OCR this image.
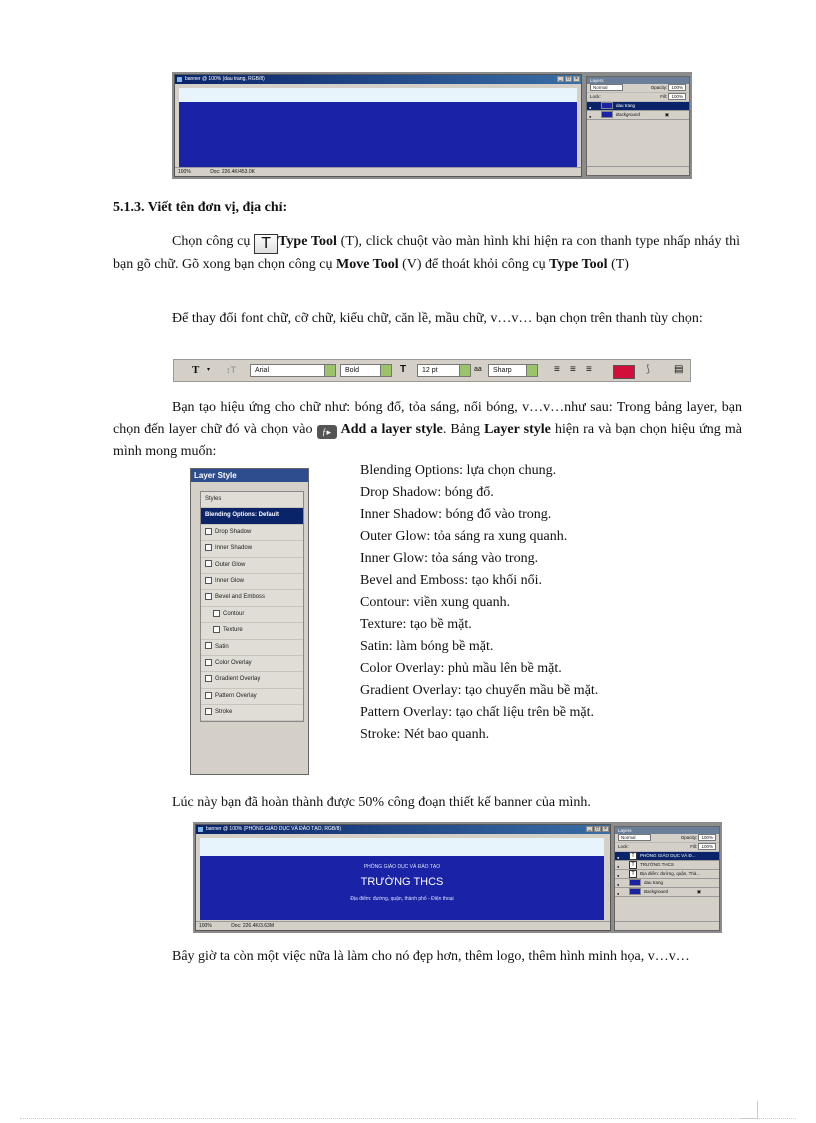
banner @ 100% (dau trang, RGB/8)	_	□	×
100%	Doc: 226.4K/453.0K
Layers
Normal	Opacity: 100%
Lock:	Fill: 100%
●	dau trang
●	Background	▣
5.1.3. Viết tên đơn vị, địa chỉ:
Chọn công cụ T Type Tool (T), click chuột vào màn hình khi hiện ra con thanh type nhấp nháy thì bạn gõ chữ. Gõ xong bạn chọn công cụ Move Tool (V) để thoát khỏi công cụ Type Tool (T)
Để thay đổi font chữ, cỡ chữ, kiểu chữ, căn lề, mầu chữ, v…v… bạn chọn trên thanh tùy chọn:
T ▾ ↕T	Arial	Bold	T	12 pt	aa	Sharp	≡ ≡ ≡	⟆ ▤
Bạn tạo hiệu ứng cho chữ như: bóng đổ, tỏa sáng, nổi bóng, v…v…như sau: Trong bảng layer, bạn chọn đến layer chữ đó và chọn vào ƒ▸ Add a layer style. Bảng Layer style hiện ra và bạn chọn hiệu ứng mà mình mong muốn:
Layer Style
Styles
Blending Options: Default
Drop Shadow
Inner Shadow
Outer Glow
Inner Glow
Bevel and Emboss
Contour
Texture
Satin
Color Overlay
Gradient Overlay
Pattern Overlay
Stroke
Blending Options: lựa chọn chung.
Drop Shadow: bóng đổ.
Inner Shadow: bóng đổ vào trong.
Outer Glow: tỏa sáng ra xung quanh.
Inner Glow: tỏa sáng vào trong.
Bevel and Emboss: tạo khối nổi.
Contour: viền xung quanh.
Texture: tạo bề mặt.
Satin: làm bóng bề mặt.
Color Overlay: phủ mầu lên bề mặt.
Gradient Overlay: tạo chuyển mầu bề mặt.
Pattern Overlay: tạo chất liệu trên bề mặt.
Stroke: Nét bao quanh.
Lúc này bạn đã hoàn thành được 50% công đoạn thiết kế banner của mình.
banner @ 100% (PHÒNG GIÁO DỤC VÀ ĐÀO TẠO, RGB/8)	_	□	×
PHÒNG GIÁO DỤC VÀ ĐÀO TẠO
TRƯỜNG THCS
Địa điểm: đường, quận, thành phố - Điện thoại
100%	Doc: 226.4K/3.63M
Layers
Normal	Opacity: 100%
Lock:	Fill: 100%
● T PHÒNG GIÁO DỤC VÀ Đ...
● T TRƯỜNG THCS
● T Địa điểm: đường, quận, Thà...
●	dau trang
●	Background	▣
Bây giờ ta còn một việc nữa là làm cho nó đẹp hơn, thêm logo, thêm hình minh họa, v…v…
